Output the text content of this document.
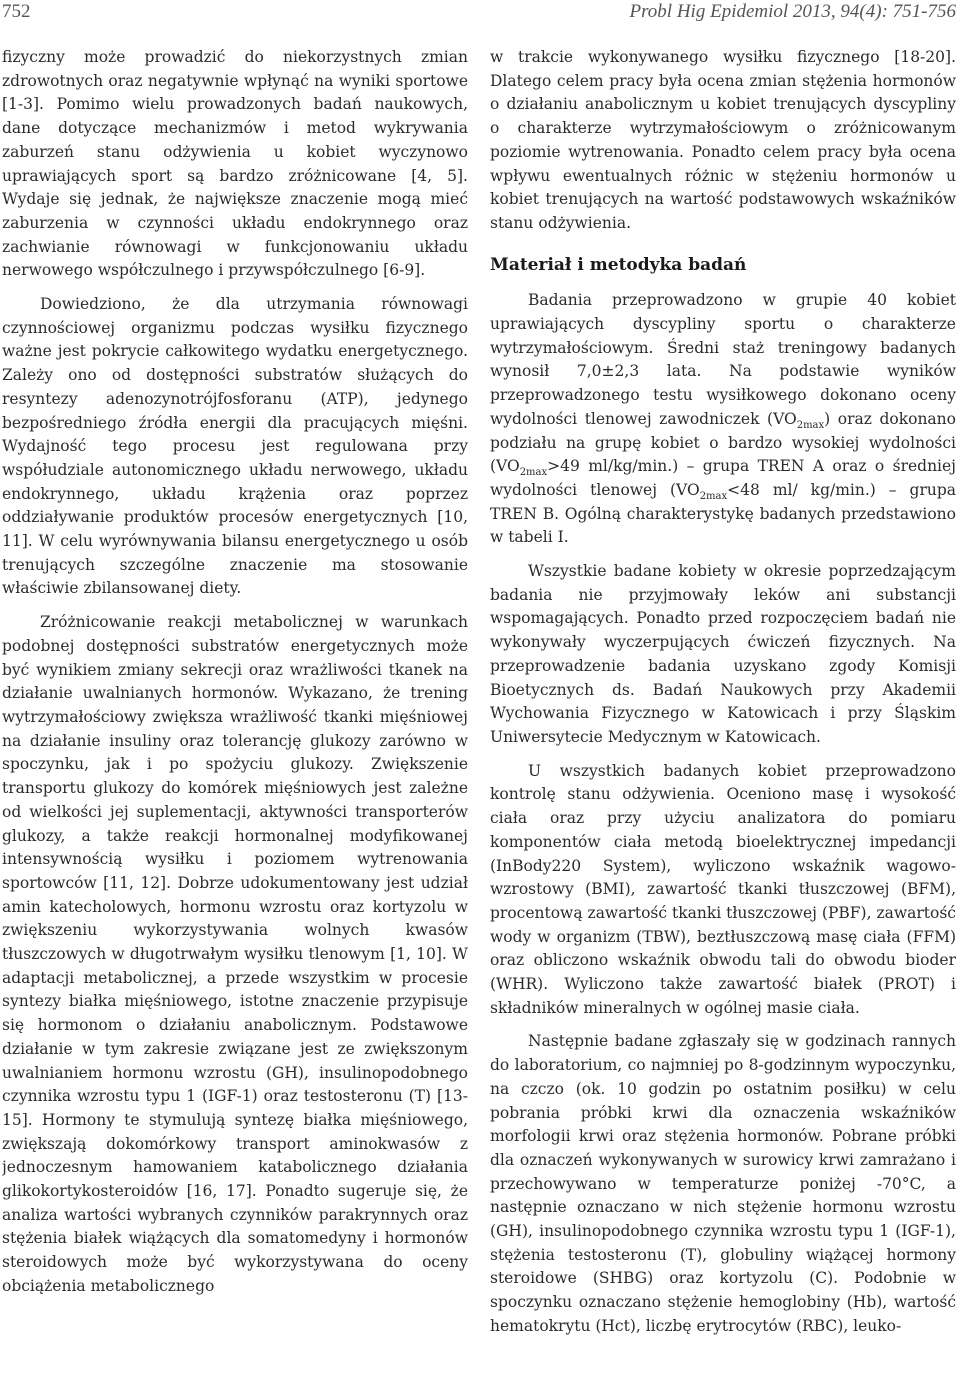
752	Probl Hig Epidemiol 2013, 94(4): 751-756

fizyczny może prowadzić do niekorzystnych zmian zdrowotnych oraz negatywnie wpłynąć na wyniki sportowe [1-3]. Pomimo wielu prowadzonych badań naukowych, dane dotyczące mechanizmów i metod wykrywania zaburzeń stanu odżywienia u kobiet wyczynowo uprawiających sport są bardzo zróżnicowane [4, 5]. Wydaje się jednak, że największe znaczenie mogą mieć zaburzenia w czynności układu endokrynnego oraz zachwianie równowagi w funkcjonowaniu układu nerwowego współczulnego i przywspółczulnego [6-9].

Dowiedziono, że dla utrzymania równowagi czynnościowej organizmu podczas wysiłku fizycznego ważne jest pokrycie całkowitego wydatku energetycznego. Zależy ono od dostępności substratów służących do resyntezy adenozynotrójfosforanu (ATP), jedynego bezpośredniego źródła energii dla pracujących mięśni. Wydajność tego procesu jest regulowana przy współudziale autonomicznego układu nerwowego, układu endokrynnego, układu krążenia oraz poprzez oddziaływanie produktów procesów energetycznych [10, 11]. W celu wyrównywania bilansu energetycznego u osób trenujących szczególne znaczenie ma stosowanie właściwie zbilansowanej diety.

Zróżnicowanie reakcji metabolicznej w warunkach podobnej dostępności substratów energetycznych może być wynikiem zmiany sekrecji oraz wrażliwości tkanek na działanie uwalnianych hormonów. Wykazano, że trening wytrzymałościowy zwiększa wrażliwość tkanki mięśniowej na działanie insuliny oraz tolerancję glukozy zarówno w spoczynku, jak i po spożyciu glukozy. Zwiększenie transportu glukozy do komórek mięśniowych jest zależne od wielkości jej suplementacji, aktywności transporterów glukozy, a także reakcji hormonalnej modyfikowanej intensywnością wysiłku i poziomem wytrenowania sportowców [11, 12]. Dobrze udokumentowany jest udział amin katecholowych, hormonu wzrostu oraz kortyzolu w zwiększeniu wykorzystywania wolnych kwasów tłuszczowych w długotrwałym wysiłku tlenowym [1, 10]. W adaptacji metabolicznej, a przede wszystkim w procesie syntezy białka mięśniowego, istotne znaczenie przypisuje się hormonom o działaniu anabolicznym. Podstawowe działanie w tym zakresie związane jest ze zwiększonym uwalnianiem hormonu wzrostu (GH), insulinopodobnego czynnika wzrostu typu 1 (IGF-1) oraz testosteronu (T) [13-15]. Hormony te stymulują syntezę białka mięśniowego, zwiększają dokomórkowy transport aminokwasów z jednoczesnym hamowaniem katabolicznego działania glikokortykosteroidów [16, 17]. Ponadto sugeruje się, że analiza wartości wybranych czynników parakrynnych oraz stężenia białek wiążących dla somatomedyny i hormonów steroidowych może być wykorzystywana do oceny obciążenia metabolicznego

w trakcie wykonywanego wysiłku fizycznego [18-20]. Dlatego celem pracy była ocena zmian stężenia hormonów o działaniu anabolicznym u kobiet trenujących dyscypliny o charakterze wytrzymałościowym o zróżnicowanym poziomie wytrenowania. Ponadto celem pracy była ocena wpływu ewentualnych różnic w stężeniu hormonów u kobiet trenujących na wartość podstawowych wskaźników stanu odżywienia.

Materiał i metodyka badań

Badania przeprowadzono w grupie 40 kobiet uprawiających dyscypliny sportu o charakterze wytrzymałościowym. Średni staż treningowy badanych wynosił 7,0±2,3 lata. Na podstawie wyników przeprowadzonego testu wysiłkowego dokonano oceny wydolności tlenowej zawodniczek $(VO_{2max})$ oraz dokonano podziału na grupę kobiet o bardzo wysokiej wydolności ($VO_{2max}>49$ ml/kg/min.) – grupa TREN A oraz o średniej wydolności tlenowej ($VO_{2max}<48$ ml/ kg/min.) – grupa TREN B. Ogólną charakterystykę badanych przedstawiono w tabeli I.

Wszystkie badane kobiety w okresie poprzedzającym badania nie przyjmowały leków ani substancji wspomagających. Ponadto przed rozpoczęciem badań nie wykonywały wyczerpujących ćwiczeń fizycznych. Na przeprowadzenie badania uzyskano zgody Komisji Bioetycznych ds. Badań Naukowych przy Akademii Wychowania Fizycznego w Katowicach i przy Śląskim Uniwersytecie Medycznym w Katowicach.

U wszystkich badanych kobiet przeprowadzono kontrolę stanu odżywienia. Oceniono masę i wysokość ciała oraz przy użyciu analizatora do pomiaru komponentów ciała metodą bioelektrycznej impedancji (InBody220 System), wyliczono wskaźnik wagowo-wzrostowy (BMI), zawartość tkanki tłuszczowej (BFM), procentową zawartość tkanki tłuszczowej (PBF), zawartość wody w organizm (TBW), beztłuszczową masę ciała (FFM) oraz obliczono wskaźnik obwodu tali do obwodu bioder (WHR). Wyliczono także zawartość białek (PROT) i składników mineralnych w ogólnej masie ciała.

Następnie badane zgłaszały się w godzinach rannych do laboratorium, co najmniej po 8-godzinnym wypoczynku, na czczo (ok. 10 godzin po ostatnim posiłku) w celu pobrania próbki krwi dla oznaczenia wskaźników morfologii krwi oraz stężenia hormonów. Pobrane próbki dla oznaczeń wykonywanych w surowicy krwi zamrażano i przechowywano w temperaturze poniżej -70°C, a następnie oznaczano w nich stężenie hormonu wzrostu (GH), insulinopodobnego czynnika wzrostu typu 1 (IGF-1), stężenia testosteronu (T), globuliny wiążącej hormony steroidowe (SHBG) oraz kortyzolu (C). Podobnie w spoczynku oznaczano stężenie hemoglobiny (Hb), wartość hematokrytu (Hct), liczbę erytrocytów (RBC), leuko-
